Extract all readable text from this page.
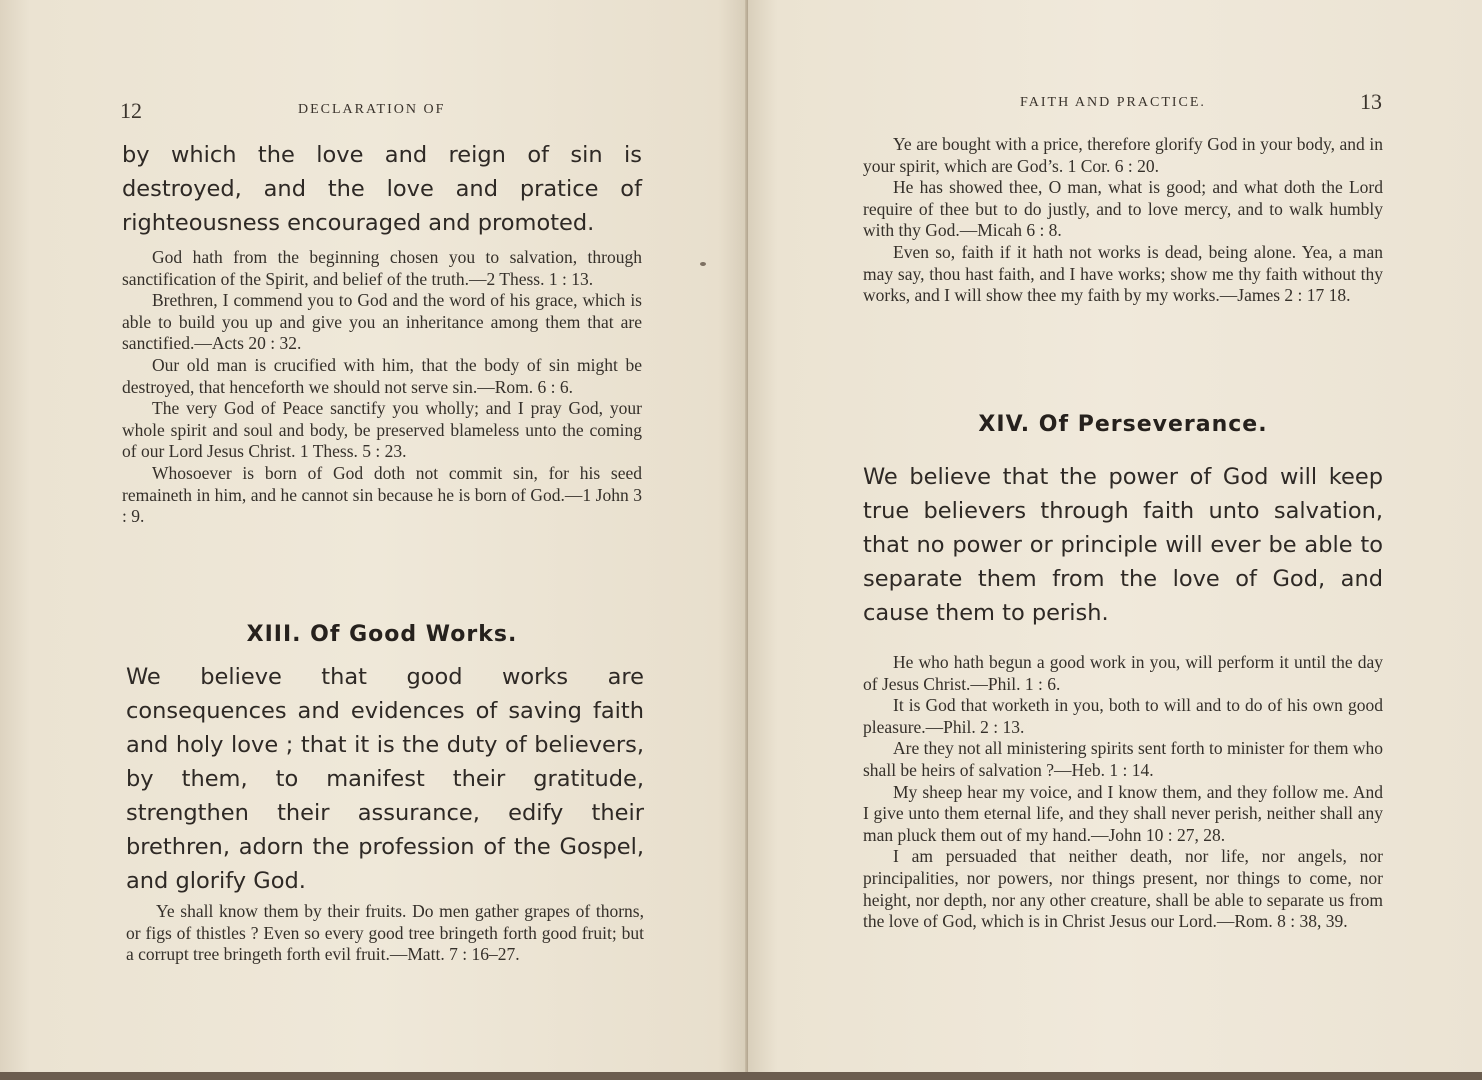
12	DECLARATION OF

by which the love and reign of sin is destroyed, and the love and pratice of righteousness encouraged and promoted.

God hath from the beginning chosen you to salvation, through sanctification of the Spirit, and belief of the truth.—2 Thess. 1 : 13.

Brethren, I commend you to God and the word of his grace, which is able to build you up and give you an inheritance among them that are sanctified.—Acts 20 : 32.

Our old man is crucified with him, that the body of sin might be destroyed, that henceforth we should not serve sin.—Rom. 6 : 6.

The very God of Peace sanctify you wholly; and I pray God, your whole spirit and soul and body, be preserved blameless unto the coming of our Lord Jesus Christ. 1 Thess. 5 : 23.

Whosoever is born of God doth not commit sin, for his seed remaineth in him, and he cannot sin because he is born of God.—1 John 3 : 9.

XIII. Of Good Works.

We believe that good works are consequences and evidences of saving faith and holy love ; that it is the duty of believers, by them, to manifest their gratitude, strengthen their assurance, edify their brethren, adorn the profession of the Gospel, and glorify God.

Ye shall know them by their fruits. Do men gather grapes of thorns, or figs of thistles ? Even so every good tree bringeth forth good fruit; but a corrupt tree bringeth forth evil fruit.—Matt. 7 : 16–27.

FAITH AND PRACTICE.	13

Ye are bought with a price, therefore glorify God in your body, and in your spirit, which are God’s. 1 Cor. 6 : 20.

He has showed thee, O man, what is good; and what doth the Lord require of thee but to do justly, and to love mercy, and to walk humbly with thy God.—Micah 6 : 8.

Even so, faith if it hath not works is dead, being alone. Yea, a man may say, thou hast faith, and I have works; show me thy faith without thy works, and I will show thee my faith by my works.—James 2 : 17 18.

XIV. Of Perseverance.

We believe that the power of God will keep true believers through faith unto salvation, that no power or principle will ever be able to separate them from the love of God, and cause them to perish.

He who hath begun a good work in you, will perform it until the day of Jesus Christ.—Phil. 1 : 6.

It is God that worketh in you, both to will and to do of his own good pleasure.—Phil. 2 : 13.

Are they not all ministering spirits sent forth to minister for them who shall be heirs of salvation ?—Heb. 1 : 14.

My sheep hear my voice, and I know them, and they follow me. And I give unto them eternal life, and they shall never perish, neither shall any man pluck them out of my hand.—John 10 : 27, 28.

I am persuaded that neither death, nor life, nor angels, nor principalities, nor powers, nor things present, nor things to come, nor height, nor depth, nor any other creature, shall be able to separate us from the love of God, which is in Christ Jesus our Lord.—Rom. 8 : 38, 39.
